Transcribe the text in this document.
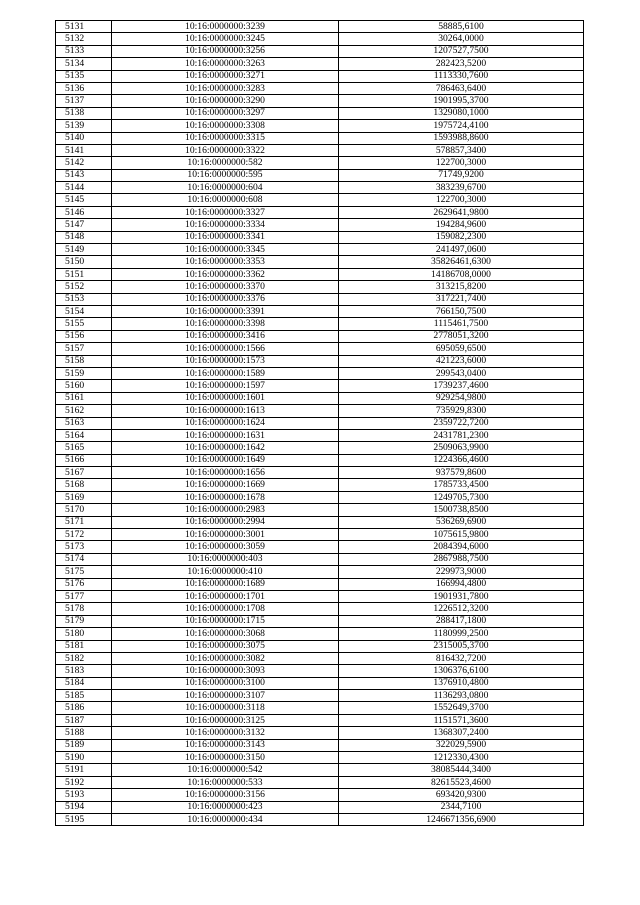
5131	10:16:0000000:3239	58885,6100
5132	10:16:0000000:3245	30264,0000
5133	10:16:0000000:3256	1207527,7500
5134	10:16:0000000:3263	282423,5200
5135	10:16:0000000:3271	1113330,7600
5136	10:16:0000000:3283	786463,6400
5137	10:16:0000000:3290	1901995,3700
5138	10:16:0000000:3297	1329080,1000
5139	10:16:0000000:3308	1975724,4100
5140	10:16:0000000:3315	1593988,8600
5141	10:16:0000000:3322	578857,3400
5142	10:16:0000000:582	122700,3000
5143	10:16:0000000:595	71749,9200
5144	10:16:0000000:604	383239,6700
5145	10:16:0000000:608	122700,3000
5146	10:16:0000000:3327	2629641,9800
5147	10:16:0000000:3334	194284,9600
5148	10:16:0000000:3341	159082,2300
5149	10:16:0000000:3345	241497,0600
5150	10:16:0000000:3353	35826461,6300
5151	10:16:0000000:3362	14186708,0000
5152	10:16:0000000:3370	313215,8200
5153	10:16:0000000:3376	317221,7400
5154	10:16:0000000:3391	766150,7500
5155	10:16:0000000:3398	1115461,7500
5156	10:16:0000000:3416	2778051,3200
5157	10:16:0000000:1566	695059,6500
5158	10:16:0000000:1573	421223,6000
5159	10:16:0000000:1589	299543,0400
5160	10:16:0000000:1597	1739237,4600
5161	10:16:0000000:1601	929254,9800
5162	10:16:0000000:1613	735929,8300
5163	10:16:0000000:1624	2359722,7200
5164	10:16:0000000:1631	2431781,2300
5165	10:16:0000000:1642	2509063,9900
5166	10:16:0000000:1649	1224366,4600
5167	10:16:0000000:1656	937579,8600
5168	10:16:0000000:1669	1785733,4500
5169	10:16:0000000:1678	1249705,7300
5170	10:16:0000000:2983	1500738,8500
5171	10:16:0000000:2994	536269,6900
5172	10:16:0000000:3001	1075615,9800
5173	10:16:0000000:3059	2084394,6000
5174	10:16:0000000:403	2867988,7500
5175	10:16:0000000:410	229973,9000
5176	10:16:0000000:1689	166994,4800
5177	10:16:0000000:1701	1901931,7800
5178	10:16:0000000:1708	1226512,3200
5179	10:16:0000000:1715	288417,1800
5180	10:16:0000000:3068	1180999,2500
5181	10:16:0000000:3075	2315005,3700
5182	10:16:0000000:3082	816432,7200
5183	10:16:0000000:3093	1306376,6100
5184	10:16:0000000:3100	1376910,4800
5185	10:16:0000000:3107	1136293,0800
5186	10:16:0000000:3118	1552649,3700
5187	10:16:0000000:3125	1151571,3600
5188	10:16:0000000:3132	1368307,2400
5189	10:16:0000000:3143	322029,5900
5190	10:16:0000000:3150	1212330,4300
5191	10:16:0000000:542	38085444,3400
5192	10:16:0000000:533	82615523,4600
5193	10:16:0000000:3156	693420,9300
5194	10:16:0000000:423	2344,7100
5195	10:16:0000000:434	1246671356,6900
